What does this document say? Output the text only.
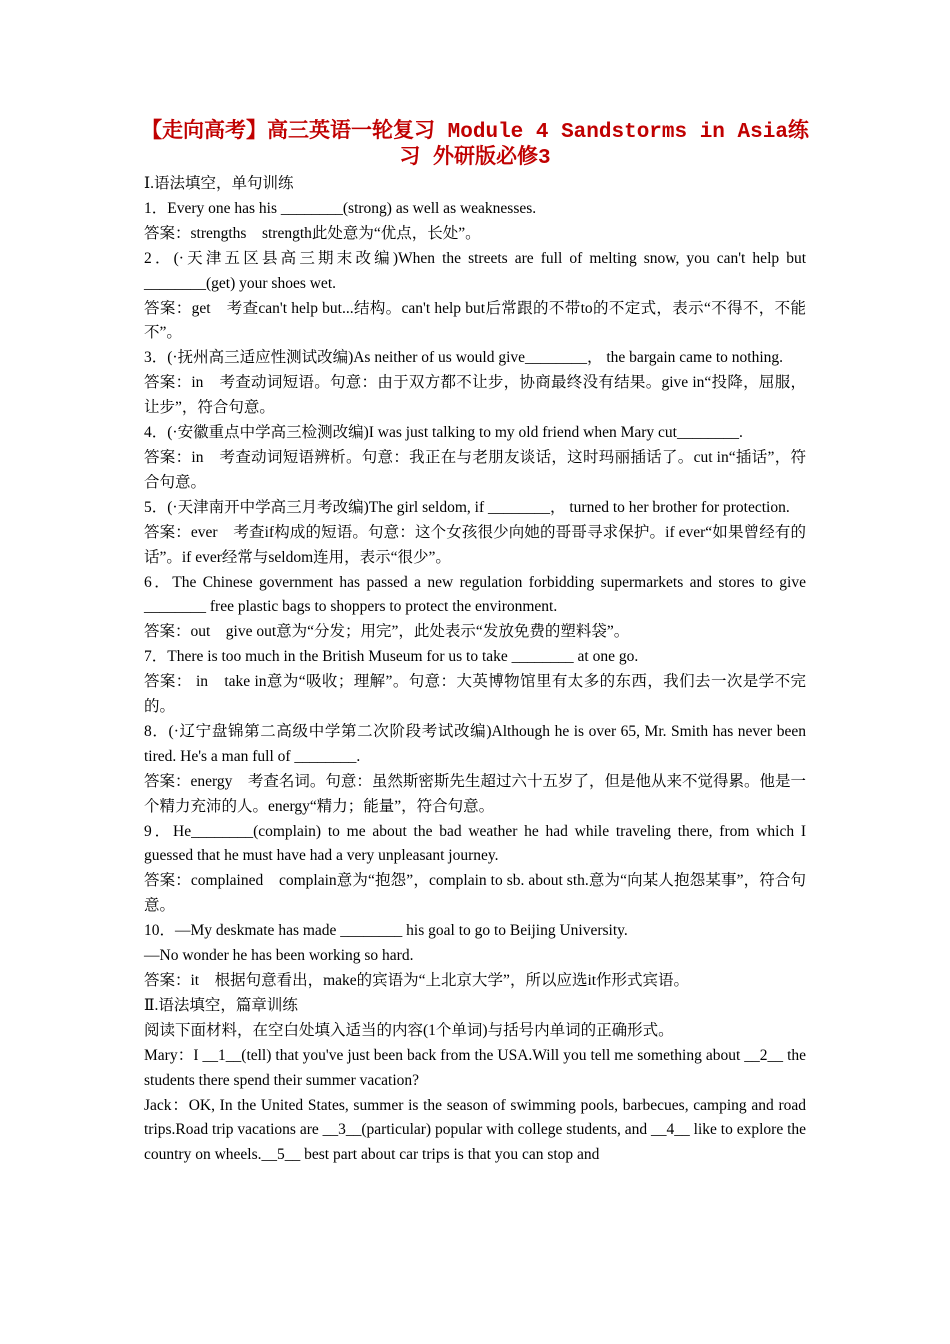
【走向高考】高三英语一轮复习 Module 4 Sandstorms in Asia练
习 外研版必修3

Ⅰ.语法填空，单句训练

1．Every one has his ________(strong) as well as weaknesses.

答案：strengths　strength此处意为“优点，长处”。

2．(·天津五区县高三期末改编)When the streets are full of melting snow, you can't help but ________(get) your shoes wet.

答案：get　考查can't help but...结构。can't help but后常跟的不带to的不定式，表示“不得不，不能不”。

3．(·抚州高三适应性测试改编)As neither of us would give________， the bargain came to nothing.

答案：in　考查动词短语。句意：由于双方都不让步，协商最终没有结果。give in“投降，屈服，让步”，符合句意。

4．(·安徽重点中学高三检测改编)I was just talking to my old friend when Mary cut________.

答案：in　考查动词短语辨析。句意：我正在与老朋友谈话，这时玛丽插话了。cut in“插话”，符合句意。

5．(·天津南开中学高三月考改编)The girl seldom, if ________， turned to her brother for protection.

答案：ever　考查if构成的短语。句意：这个女孩很少向她的哥哥寻求保护。if ever“如果曾经有的话”。if ever经常与seldom连用，表示“很少”。

6．The Chinese government has passed a new regulation forbidding supermarkets and stores to give ________ free plastic bags to shoppers to protect the environment.

答案：out　give out意为“分发；用完”，此处表示“发放免费的塑料袋”。

7．There is too much in the British Museum for us to take ________ at one go.

答案： in　take in意为“吸收；理解”。句意：大英博物馆里有太多的东西，我们去一次是学不完的。

8．(·辽宁盘锦第二高级中学第二次阶段考试改编)Although he is over 65, Mr. Smith has never been tired. He's a man full of ________.

答案：energy　考查名词。句意：虽然斯密斯先生超过六十五岁了，但是他从来不觉得累。他是一个精力充沛的人。energy“精力；能量”，符合句意。

9．He________(complain) to me about the bad weather he had while traveling there, from which I guessed that he must have had a very unpleasant journey.

答案：complained　complain意为“抱怨”，complain to sb. about sth.意为“向某人抱怨某事”，符合句意。

10．—My deskmate has made ________ his goal to go to Beijing University.

—No wonder he has been working so hard.

答案：it　根据句意看出，make的宾语为“上北京大学”，所以应选it作形式宾语。

Ⅱ.语法填空，篇章训练

阅读下面材料，在空白处填入适当的内容(1个单词)与括号内单词的正确形式。

Mary：I __1__(tell) that you've just been back from the USA.Will you tell me something about __2__ the students there spend their summer vacation?

Jack：OK, In the United States, summer is the season of swimming pools, barbecues, camping and road trips.Road trip vacations are __3__(particular) popular with college students, and __4__ like to explore the country on wheels.__5__ best part about car trips is that you can stop and
